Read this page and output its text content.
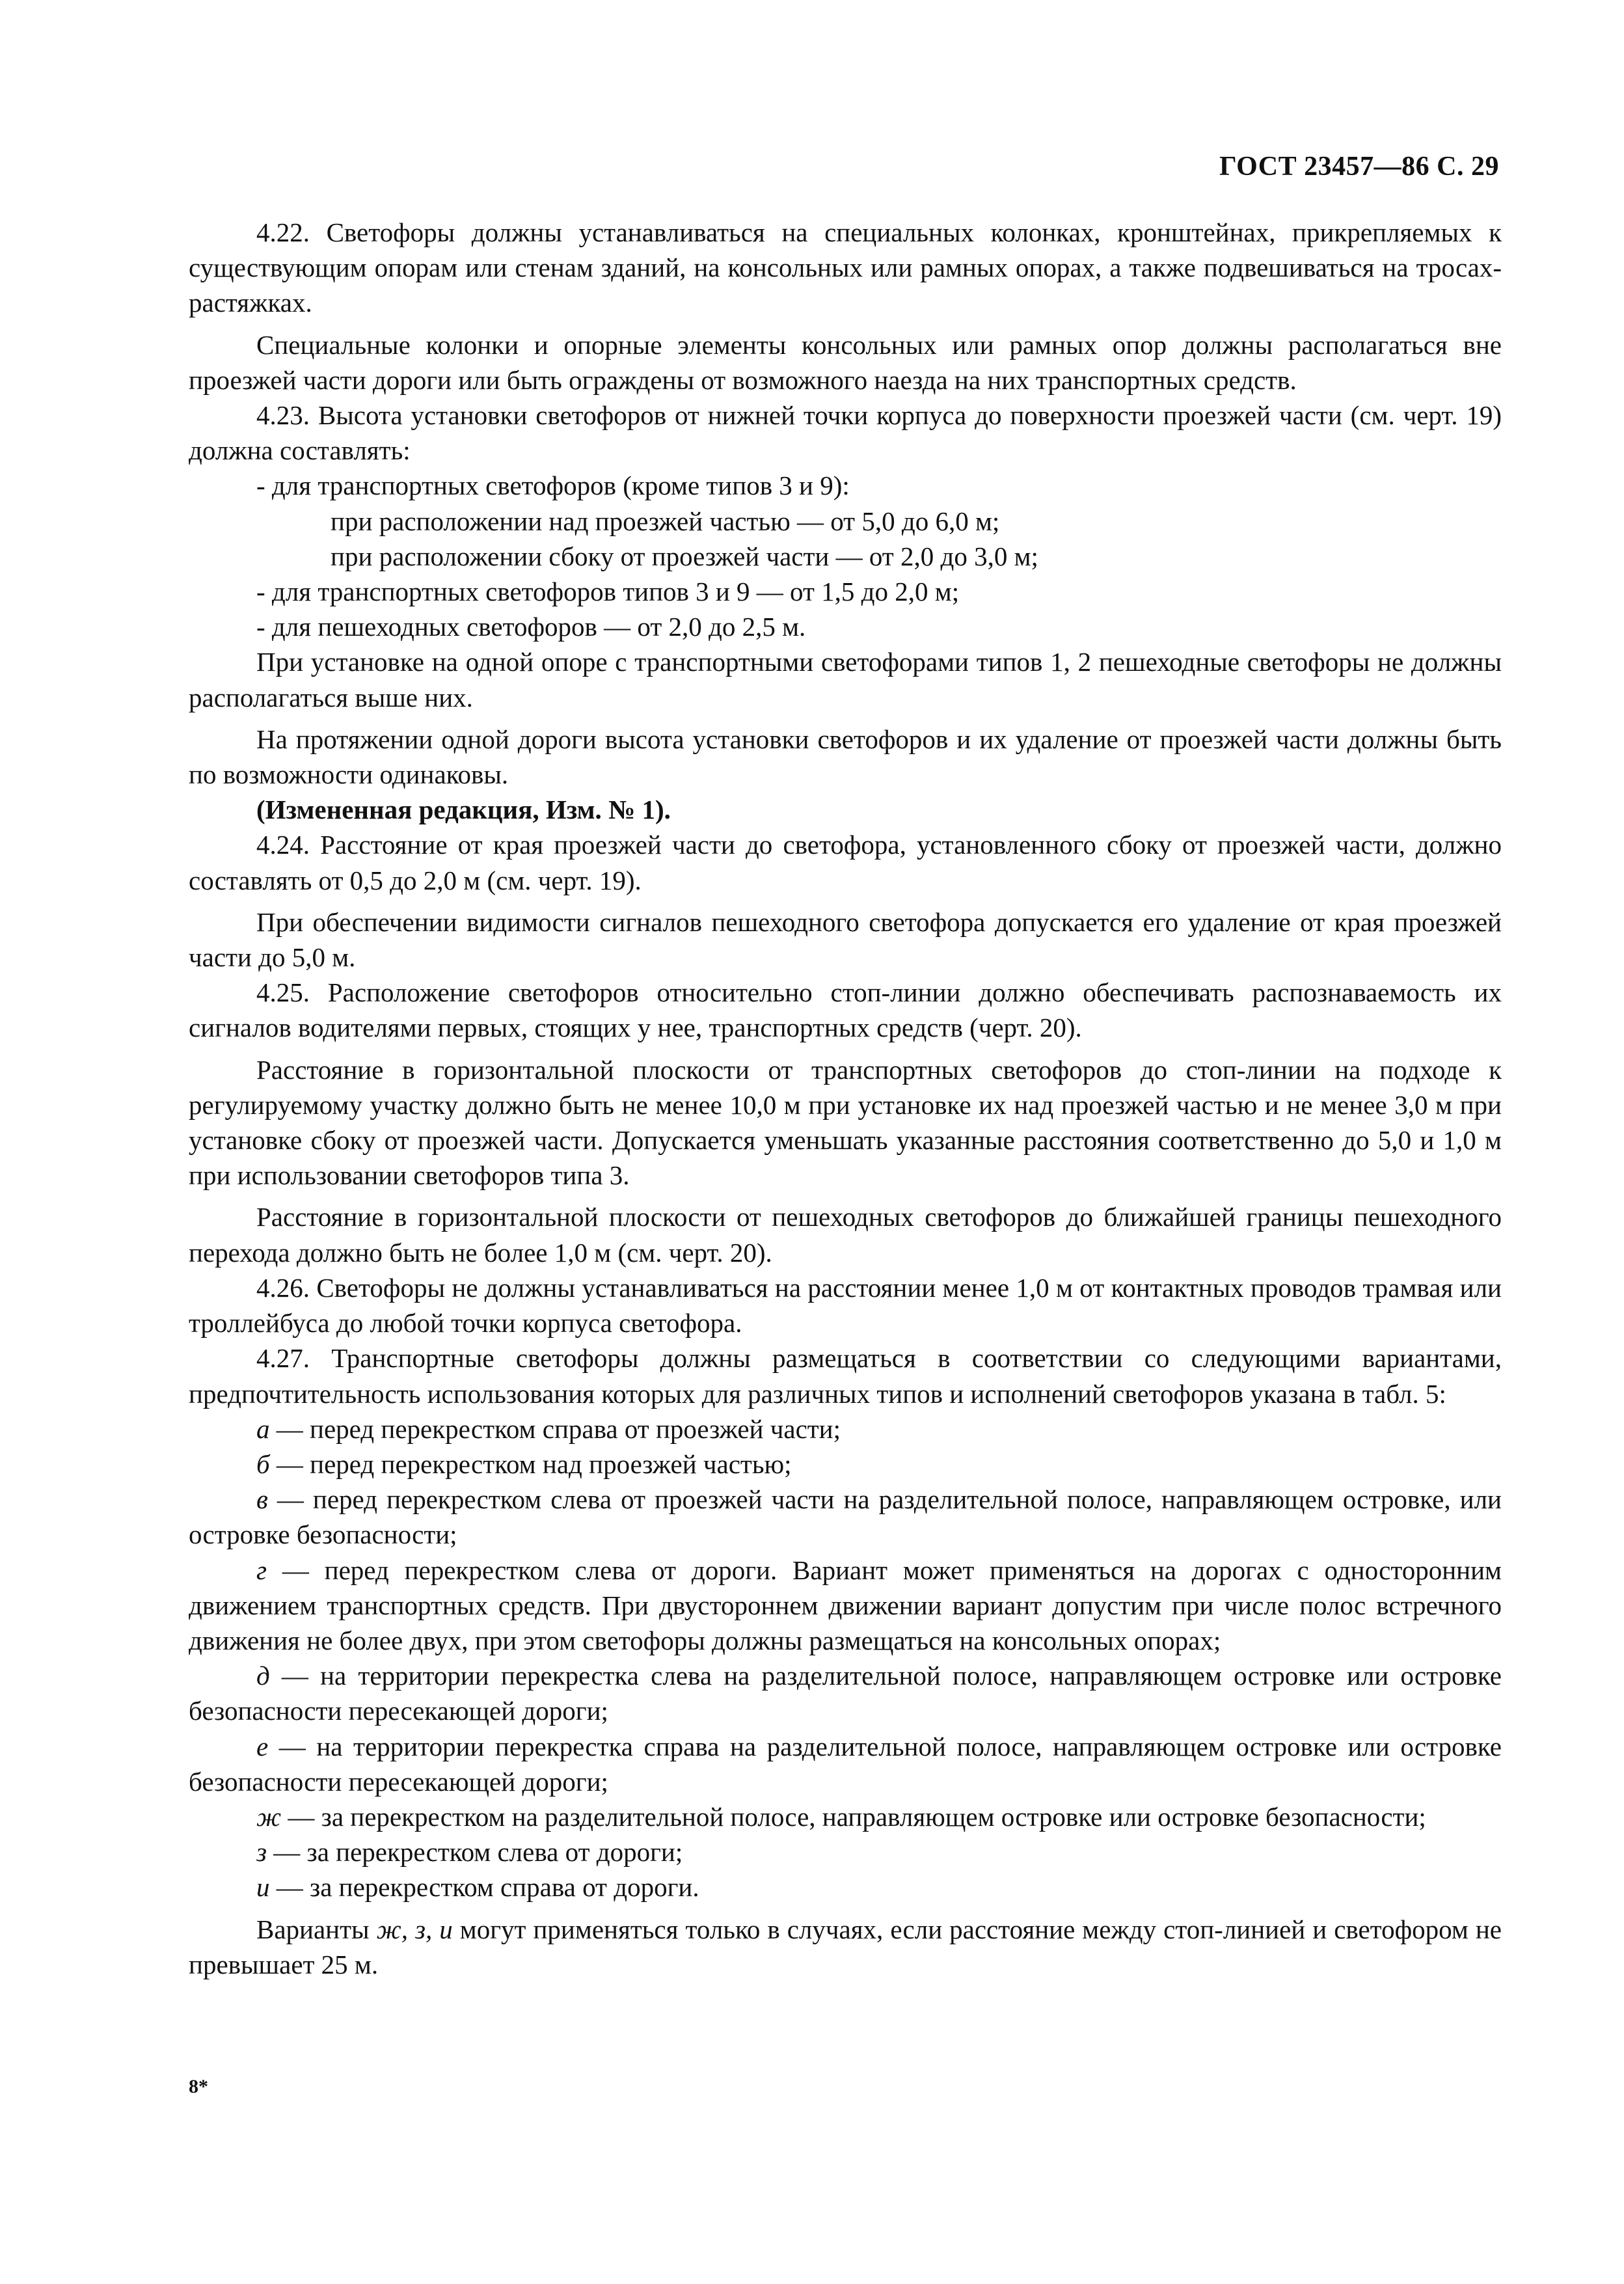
ГОСТ 23457—86 С. 29

4.22. Светофоры должны устанавливаться на специальных колонках, кронштейнах, прикрепляемых к существующим опорам или стенам зданий, на консольных или рамных опорах, а также подвешиваться на тросах-растяжках.

Специальные колонки и опорные элементы консольных или рамных опор должны располагаться вне проезжей части дороги или быть ограждены от возможного наезда на них транспортных средств.

4.23. Высота установки светофоров от нижней точки корпуса до поверхности проезжей части (см. черт. 19) должна составлять:

- для транспортных светофоров (кроме типов 3 и 9):

при расположении над проезжей частью — от 5,0 до 6,0 м;

при расположении сбоку от проезжей части — от 2,0 до 3,0 м;

- для транспортных светофоров типов 3 и 9 — от 1,5 до 2,0 м;

- для пешеходных светофоров — от 2,0 до 2,5 м.

При установке на одной опоре с транспортными светофорами типов 1, 2 пешеходные светофоры не должны располагаться выше них.

На протяжении одной дороги высота установки светофоров и их удаление от проезжей части должны быть по возможности одинаковы.

(Измененная редакция, Изм. № 1).

4.24. Расстояние от края проезжей части до светофора, установленного сбоку от проезжей части, должно составлять от 0,5 до 2,0 м (см. черт. 19).

При обеспечении видимости сигналов пешеходного светофора допускается его удаление от края проезжей части до 5,0 м.

4.25. Расположение светофоров относительно стоп-линии должно обеспечивать распознаваемость их сигналов водителями первых, стоящих у нее, транспортных средств (черт. 20).

Расстояние в горизонтальной плоскости от транспортных светофоров до стоп-линии на подходе к регулируемому участку должно быть не менее 10,0 м при установке их над проезжей частью и не менее 3,0 м при установке сбоку от проезжей части. Допускается уменьшать указанные расстояния соответственно до 5,0 и 1,0 м при использовании светофоров типа 3.

Расстояние в горизонтальной плоскости от пешеходных светофоров до ближайшей границы пешеходного перехода должно быть не более 1,0 м (см. черт. 20).

4.26. Светофоры не должны устанавливаться на расстоянии менее 1,0 м от контактных проводов трамвая или троллейбуса до любой точки корпуса светофора.

4.27. Транспортные светофоры должны размещаться в соответствии со следующими вариантами, предпочтительность использования которых для различных типов и исполнений светофоров указана в табл. 5:

а — перед перекрестком справа от проезжей части;

б — перед перекрестком над проезжей частью;

в — перед перекрестком слева от проезжей части на разделительной полосе, направляющем островке, или островке безопасности;

г — перед перекрестком слева от дороги. Вариант может применяться на дорогах с односторонним движением транспортных средств. При двустороннем движении вариант допустим при числе полос встречного движения не более двух, при этом светофоры должны размещаться на консольных опорах;

д — на территории перекрестка слева на разделительной полосе, направляющем островке или островке безопасности пересекающей дороги;

е — на территории перекрестка справа на разделительной полосе, направляющем островке или островке безопасности пересекающей дороги;

ж — за перекрестком на разделительной полосе, направляющем островке или островке безопасности;

з — за перекрестком слева от дороги;

и — за перекрестком справа от дороги.

Варианты ж, з, и могут применяться только в случаях, если расстояние между стоп-линией и светофором не превышает 25 м.

8*
